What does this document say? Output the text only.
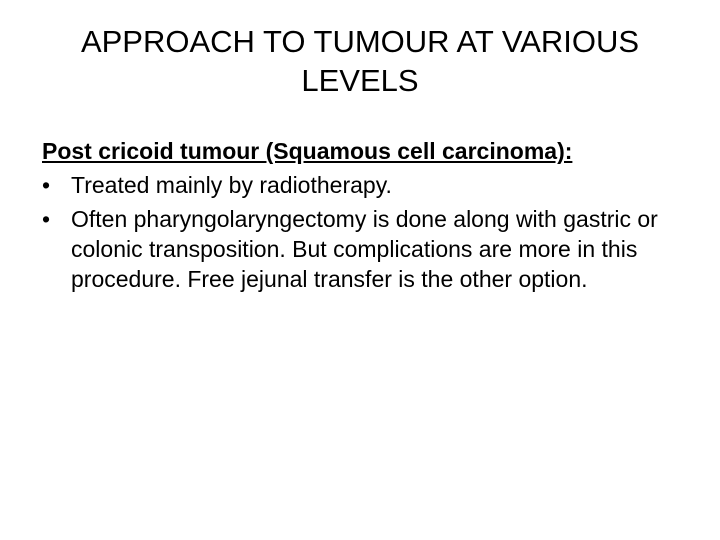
APPROACH TO TUMOUR AT VARIOUS
LEVELS

Post cricoid tumour (Squamous cell carcinoma):

• Treated mainly by radiotherapy.
• Often pharyngolaryngectomy is done along with gastric or colonic transposition. But complications are more in this procedure. Free jejunal transfer is the other option.
